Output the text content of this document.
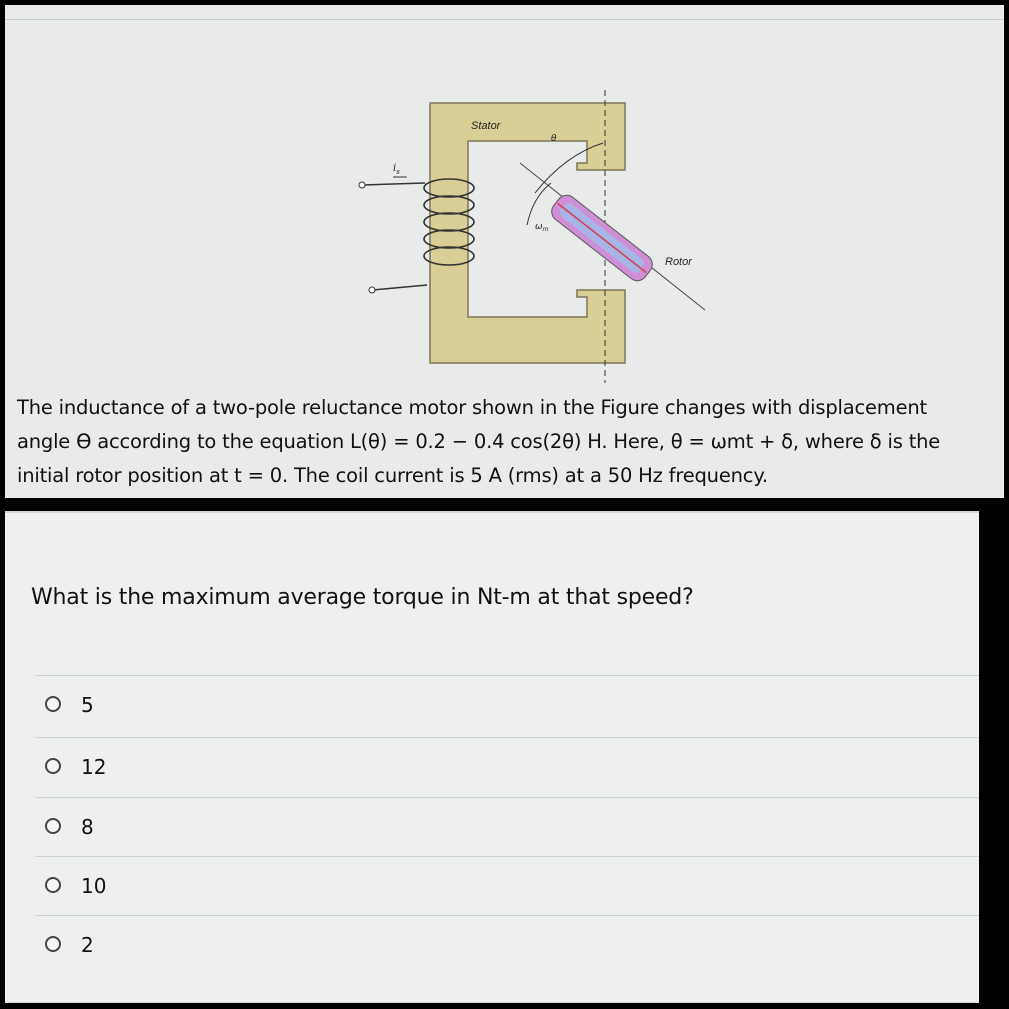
$i_s$
θ
$\omega_m$
Stator
Rotor
The inductance of a two-pole reluctance motor shown in the Figure changes with displacement
angle ϴ according to the equation L(θ) = 0.2 − 0.4 cos(2θ) H. Here, θ = ωmt + δ, where δ is the
initial rotor position at t = 0. The coil current is 5 A (rms) at a 50 Hz frequency.
What is the maximum average torque in Nt-m at that speed?
5
12
8
10
2
